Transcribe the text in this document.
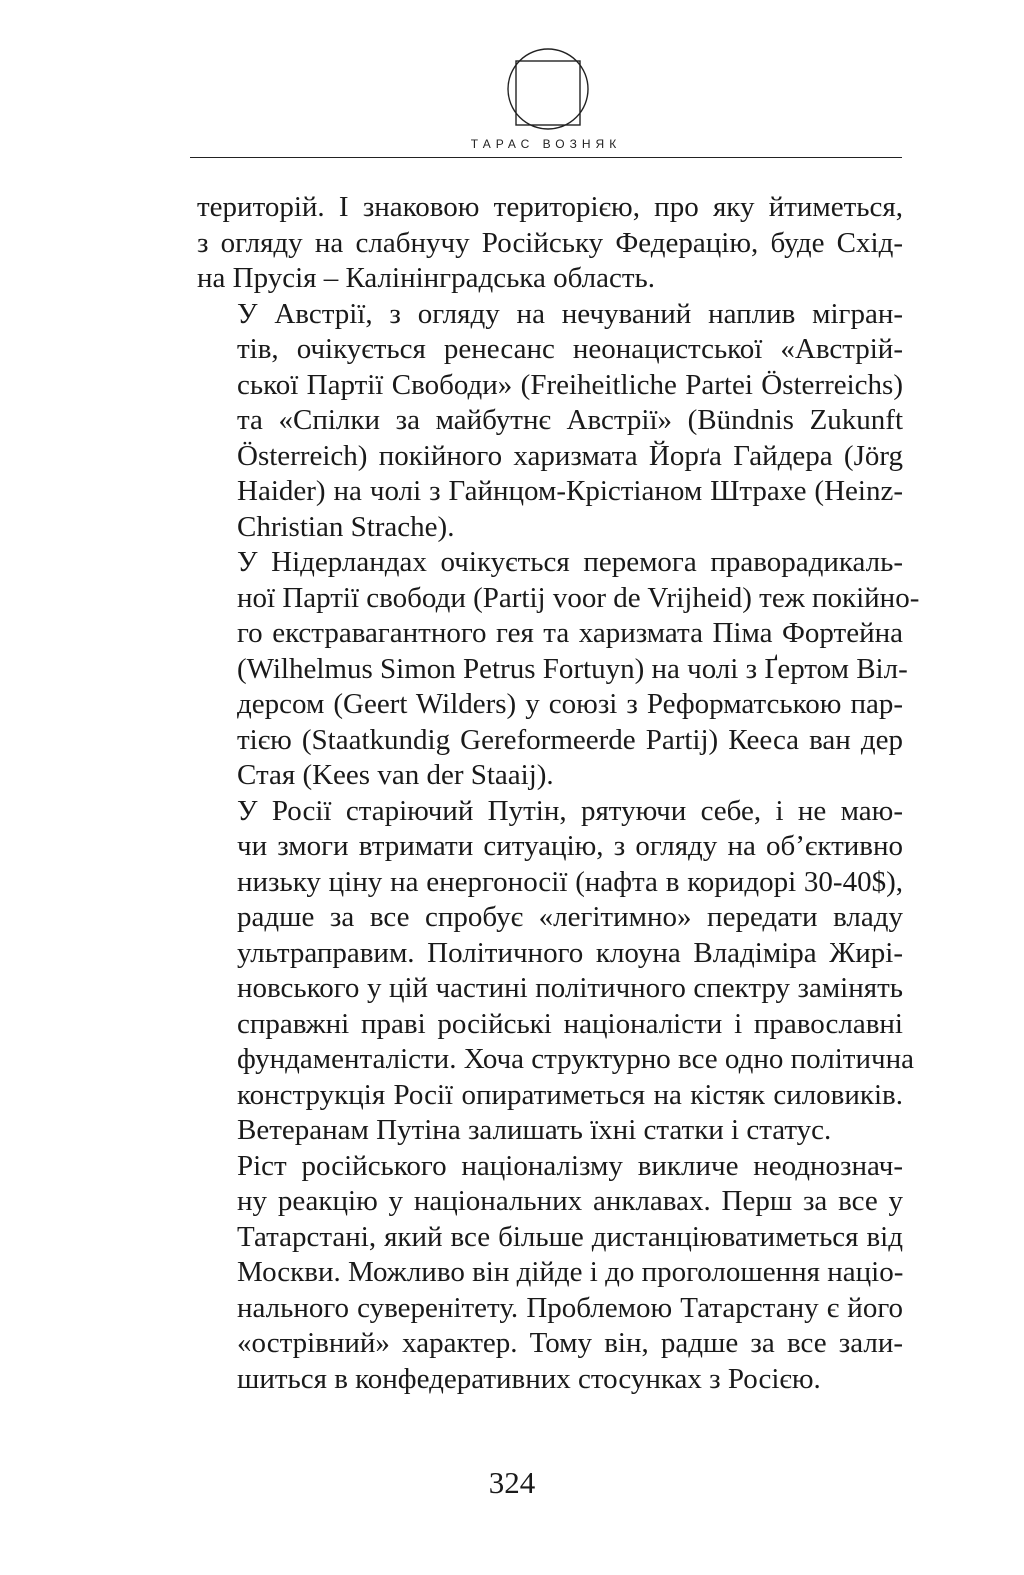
ТАРАС ВОЗНЯК

територій. І знаковою територією, про яку йтиметься,
з огляду на слабнучу Російську Федерацію, буде Схід-
на Прусія – Калінінградська область.

У Австрії, з огляду на нечуваний наплив мігран-
тів, очікується ренесанс неонацистської «Австрій-
ської Партії Свободи» (Freiheitliche Partei Österreichs)
та «Спілки за майбутнє Австрії» (Bündnis Zukunft
Österreich) покійного харизмата Йорґа Гайдера (Jörg
Haider) на чолі з Гайнцом-Крістіаном Штрахе (Heinz-
Christian Strache).

У Нідерландах очікується перемога праворадикаль-
ної Партії свободи (Partij voor de Vrijheid) теж покійно-
го екстравагантного гея та харизмата Піма Фортейна
(Wilhelmus Simon Petrus Fortuyn) на чолі з Ґертом Віл-
дерсом (Geert Wilders) у союзі з Реформатською пар-
тією (Staatkundig Gereformeerde Partij) Кееса ван дер
Стая (Kees van der Staaij).

У Росії старіючий Путін, рятуючи себе, і не маю-
чи змоги втримати ситуацію, з огляду на об’єктивно
низьку ціну на енергоносії (нафта в коридорі 30-40$),
радше за все спробує «легітимно» передати владу
ультраправим. Політичного клоуна Владіміра Жирі-
новського у цій частині політичного спектру замінять
справжні праві російські націоналісти і православні
фундаменталісти. Хоча структурно все одно політична
конструкція Росії опиратиметься на кістяк силовиків.
Ветеранам Путіна залишать їхні статки і статус.

Ріст російського націоналізму викличе неоднознач-
ну реакцію у національних анклавах. Перш за все у
Татарстані, який все більше дистанціюватиметься від
Москви. Можливо він дійде і до проголошення націо-
нального суверенітету. Проблемою Татарстану є його
«острівний» характер. Тому він, радше за все зали-
шиться в конфедеративних стосунках з Росією.

324
